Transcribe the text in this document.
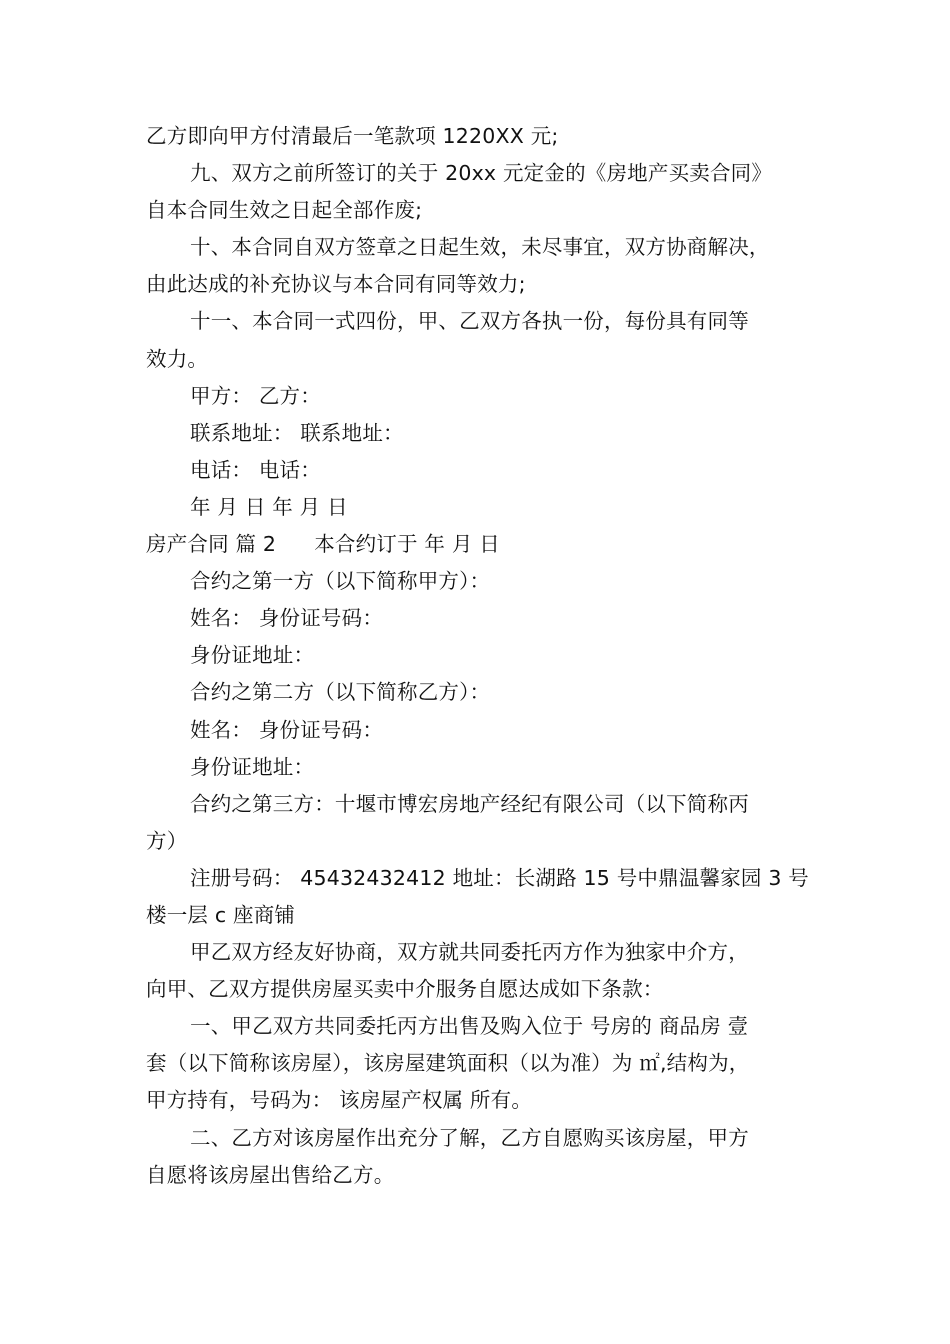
乙方即向甲方付清最后一笔款项 1220XX 元;
九、双方之前所签订的关于 20xx 元定金的《房地产买卖合同》
自本合同生效之日起全部作废;
十、本合同自双方签章之日起生效，未尽事宜，双方协商解决，
由此达成的补充协议与本合同有同等效力;
十一、本合同一式四份，甲、乙双方各执一份，每份具有同等
效力。
甲方： 乙方：
联系地址： 联系地址：
电话： 电话：
年 月 日 年 月 日
房产合同 篇 2 本合约订于 年 月 日
合约之第一方（以下简称甲方）：
姓名： 身份证号码：
身份证地址：
合约之第二方（以下简称乙方）：
姓名： 身份证号码：
身份证地址：
合约之第三方：十堰市博宏房地产经纪有限公司（以下简称丙
方）
注册号码： 45432432412 地址：长湖路 15 号中鼎温馨家园 3 号
楼一层 c 座商铺
甲乙双方经友好协商，双方就共同委托丙方作为独家中介方，
向甲、乙双方提供房屋买卖中介服务自愿达成如下条款：
一、甲乙双方共同委托丙方出售及购入位于 号房的 商品房 壹
套（以下简称该房屋），该房屋建筑面积（以为准）为 ㎡,结构为，
甲方持有，号码为： 该房屋产权属 所有。
二、乙方对该房屋作出充分了解，乙方自愿购买该房屋，甲方
自愿将该房屋出售给乙方。
